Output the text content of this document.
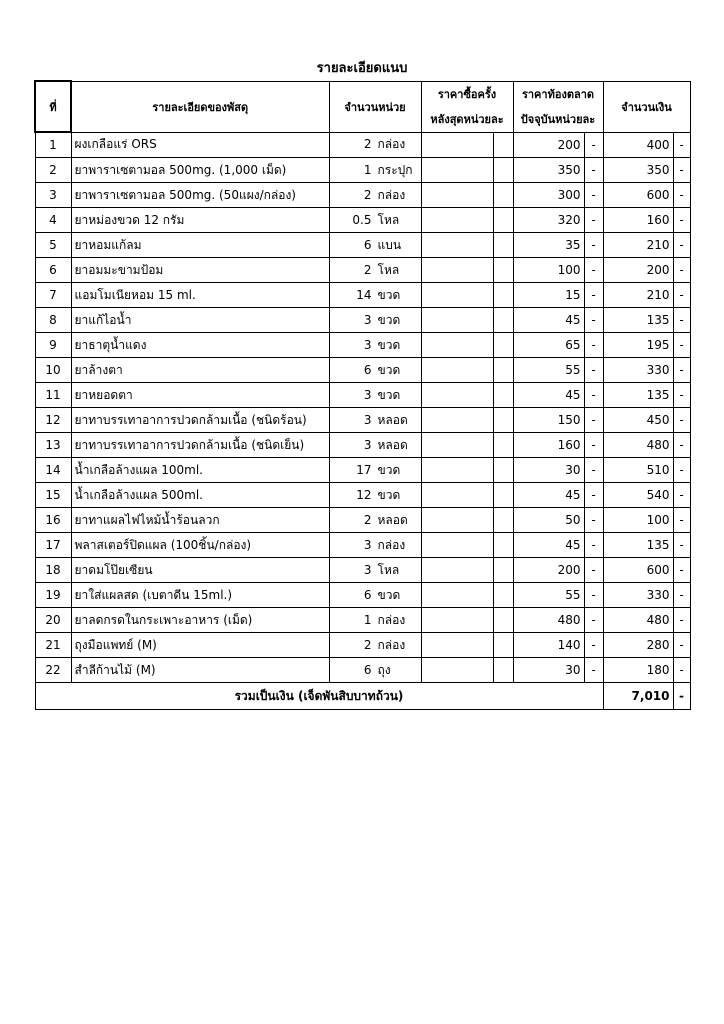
รายละเอียดแนบ
ที่	รายละเอียดของพัสดุ	จำนวนหน่วย	ราคาซื้อครั้ง		ราคาท้องตลาด		จำนวนเงิน	
			หลังสุดหน่วยละ		ปัจจุบันหน่วยละ			
1	ผงเกลือแร่ ORS	2 กล่อง			200	-	400	-
2	ยาพาราเซตามอล 500mg. (1,000 เม็ด)	1 กระปุก			350	-	350	-
3	ยาพาราเซตามอล 500mg. (50แผง/กล่อง)	2 กล่อง			300	-	600	-
4	ยาหม่องขวด 12 กรัม	0.5 โหล			320	-	160	-
5	ยาหอมแก้ลม	6 แบน			35	-	210	-
6	ยาอมมะขามป้อม	2 โหล			100	-	200	-
7	แอมโมเนียหอม 15 ml.	14 ขวด			15	-	210	-
8	ยาแก้ไอน้ำ	3 ขวด			45	-	135	-
9	ยาธาตุน้ำแดง	3 ขวด			65	-	195	-
10	ยาล้างตา	6 ขวด			55	-	330	-
11	ยาหยอดตา	3 ขวด			45	-	135	-
12	ยาทาบรรเทาอาการปวดกล้ามเนื้อ (ชนิดร้อน)	3 หลอด			150	-	450	-
13	ยาทาบรรเทาอาการปวดกล้ามเนื้อ (ชนิดเย็น)	3 หลอด			160	-	480	-
14	น้ำเกลือล้างแผล 100ml.	17 ขวด			30	-	510	-
15	น้ำเกลือล้างแผล 500ml.	12 ขวด			45	-	540	-
16	ยาทาแผลไฟไหม้น้ำร้อนลวก	2 หลอด			50	-	100	-
17	พลาสเตอร์ปิดแผล (100ชิ้น/กล่อง)	3 กล่อง			45	-	135	-
18	ยาดมโป๊ยเซียน	3 โหล			200	-	600	-
19	ยาใส่แผลสด (เบตาดีน 15ml.)	6 ขวด			55	-	330	-
20	ยาลดกรดในกระเพาะอาหาร (เม็ด)	1 กล่อง			480	-	480	-
21	ถุงมือแพทย์ (M)	2 กล่อง			140	-	280	-
22	สำลีก้านไม้ (M)	6 ถุง			30	-	180	-
รวมเป็นเงิน (เจ็ดพันสิบบาทถ้วน)							7,010	-
